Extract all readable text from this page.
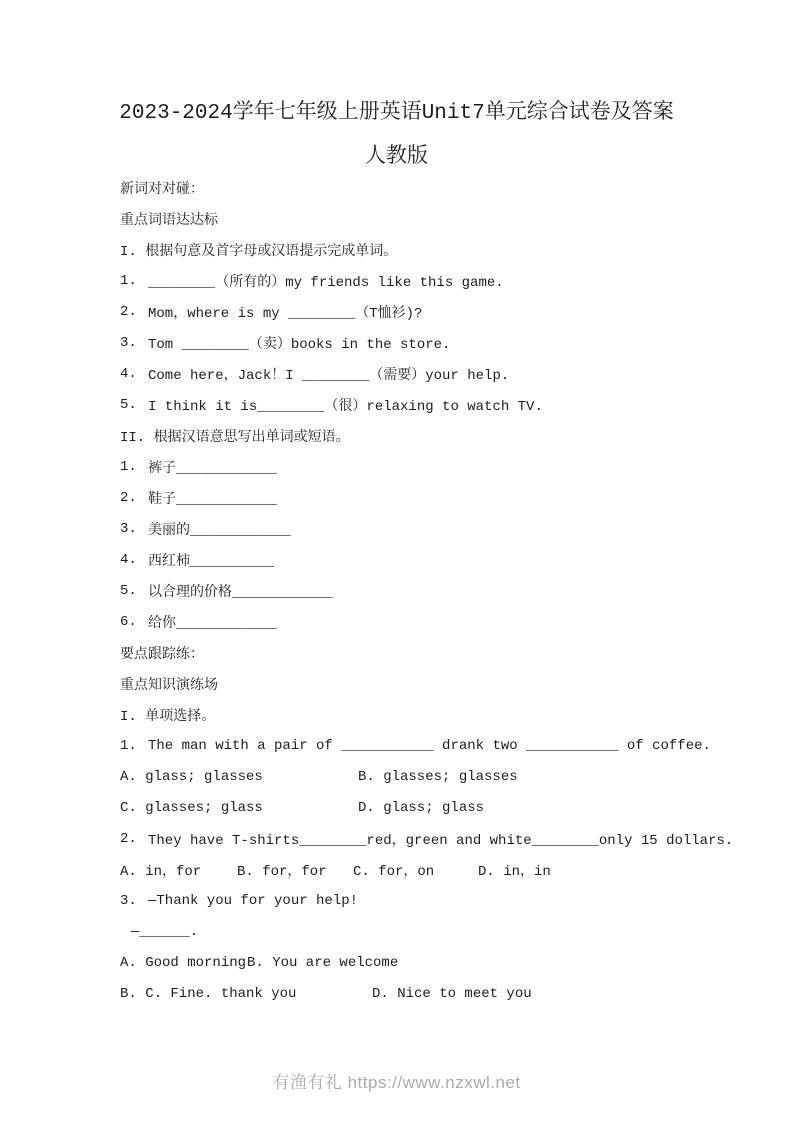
2023-2024学年七年级上册英语Unit7单元综合试卷及答案
人教版
新词对对碰：
重点词语达达标
I. 根据句意及首字母或汉语提示完成单词。
1. ________（所有的）my friends like this game.
2. Mom，where is my ________（T恤衫)?
3. Tom ________（卖）books in the store.
4. Come here，Jack！I ________（需要）your help.
5. I think it is________（很）relaxing to watch TV.
II. 根据汉语意思写出单词或短语。
1. 裤子____________
2. 鞋子____________
3. 美丽的____________
4. 西红柿__________
5. 以合理的价格____________
6. 给你____________
要点跟踪练：
重点知识演练场
I. 单项选择。
1. The man with a pair of ___________ drank two ___________ of coffee.
A. glass; glasses	B. glasses; glasses
C. glasses; glass	D. glass; glass
2. They have T-shirts________red，green and white________only 15 dollars.
A. in，for	B. for，for	C. for，on	D. in，in
3. —Thank you for your help!
—______.
A. Good morning B. You are welcome
B. C. Fine. thank you	D. Nice to meet you
有渔有礼 https://www.nzxwl.net
